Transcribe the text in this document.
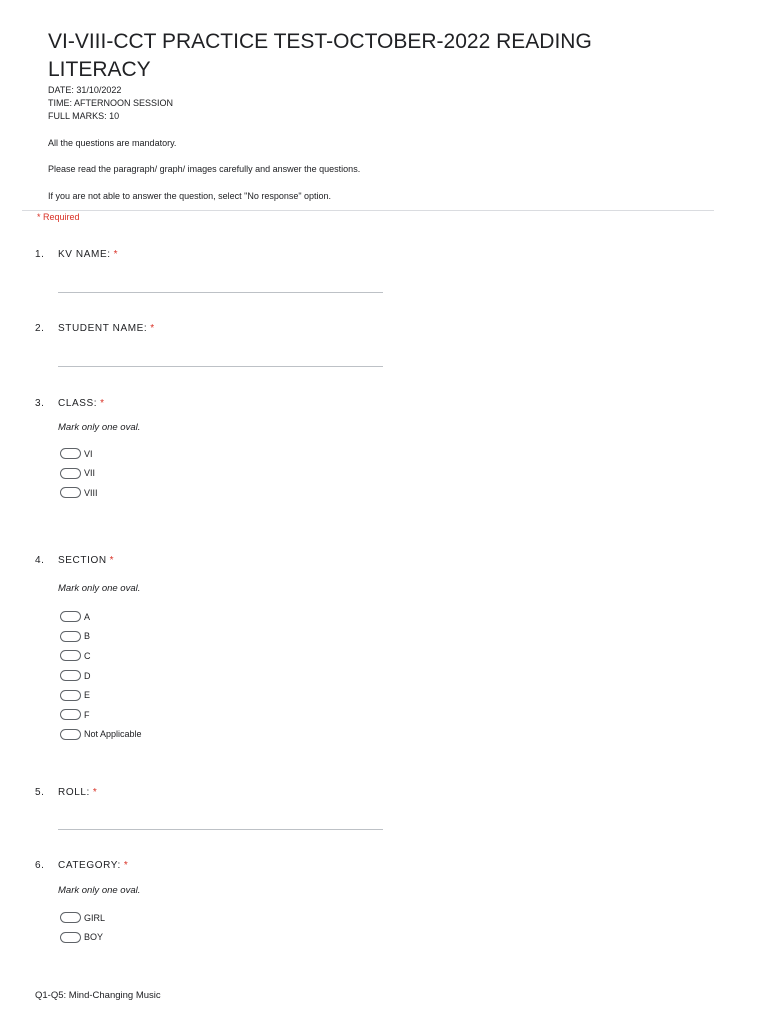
VI-VIII-CCT PRACTICE TEST-OCTOBER-2022 READING LITERACY
DATE: 31/10/2022
TIME: AFTERNOON SESSION
FULL MARKS: 10
All the questions are mandatory.
Please read the paragraph/ graph/ images carefully and answer the questions.
If you are not able to answer the question, select "No response" option.
* Required
1.	KV NAME: *
2.	STUDENT NAME: *
3.	CLASS: *
Mark only one oval.
VI
VII
VIII
4.	SECTION *
Mark only one oval.
A
B
C
D
E
F
Not Applicable
5.	ROLL: *
6.	CATEGORY: *
Mark only one oval.
GIRL
BOY
Q1-Q5: Mind-Changing Music
